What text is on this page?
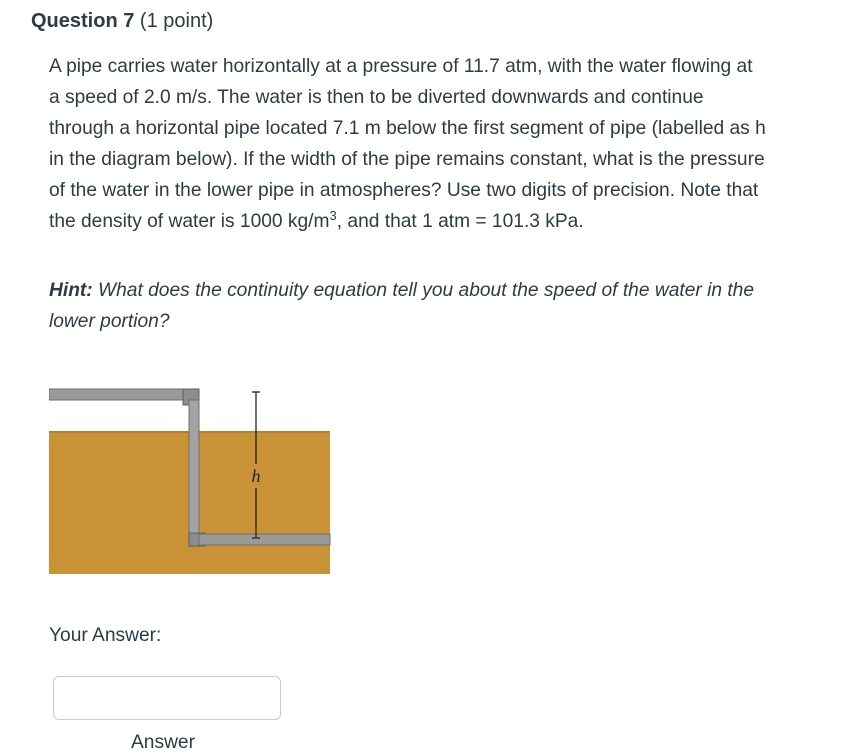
Question 7 (1 point)
A pipe carries water horizontally at a pressure of 11.7 atm, with the water flowing at
a speed of 2.0 m/s. The water is then to be diverted downwards and continue
through a horizontal pipe located 7.1 m below the first segment of pipe (labelled as h
in the diagram below). If the width of the pipe remains constant, what is the pressure
of the water in the lower pipe in atmospheres? Use two digits of precision. Note that
the density of water is 1000 $kg/m^3$, and that 1 atm = 101.3 kPa.
Hint: What does the continuity equation tell you about the speed of the water in the
lower portion?
h
Your Answer:
Answer
